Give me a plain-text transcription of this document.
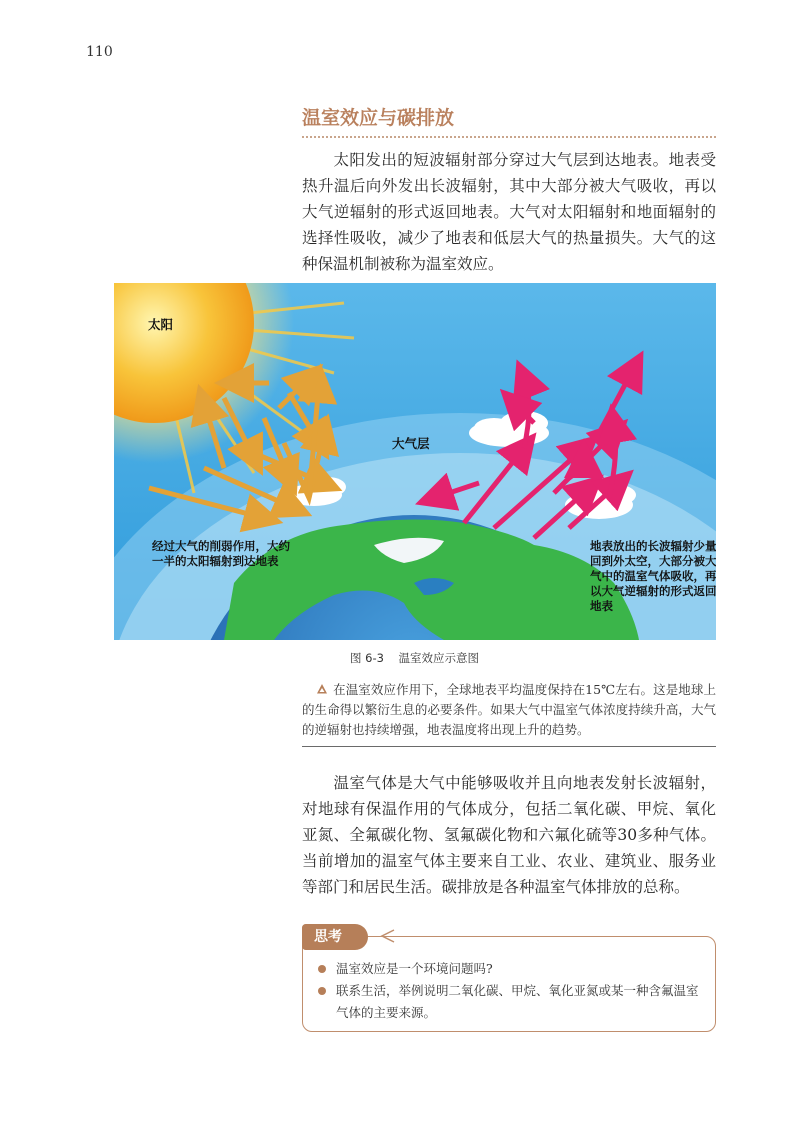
110
温室效应与碳排放

太阳发出的短波辐射部分穿过大气层到达地表。地表受热升温后向外发出长波辐射，其中大部分被大气吸收，再以大气逆辐射的形式返回地表。大气对太阳辐射和地面辐射的选择性吸收，减少了地表和低层大气的热量损失。大气的这种保温机制被称为温室效应。

太阳
大气层
经过大气的削弱作用，大约一半的太阳辐射到达地表
地表放出的长波辐射少量回到外太空，大部分被大气中的温室气体吸收，再以大气逆辐射的形式返回地表
图 6-3    温室效应示意图
在温室效应作用下，全球地表平均温度保持在15℃左右。这是地球上的生命得以繁衍生息的必要条件。如果大气中温室气体浓度持续升高，大气的逆辐射也持续增强，地表温度将出现上升的趋势。

温室气体是大气中能够吸收并且向地表发射长波辐射，对地球有保温作用的气体成分，包括二氧化碳、甲烷、氧化亚氮、全氟碳化物、氢氟碳化物和六氟化硫等30多种气体。当前增加的温室气体主要来自工业、农业、建筑业、服务业等部门和居民生活。碳排放是各种温室气体排放的总称。

思考
温室效应是一个环境问题吗?
联系生活，举例说明二氧化碳、甲烷、氧化亚氮或某一种含氟温室气体的主要来源。
